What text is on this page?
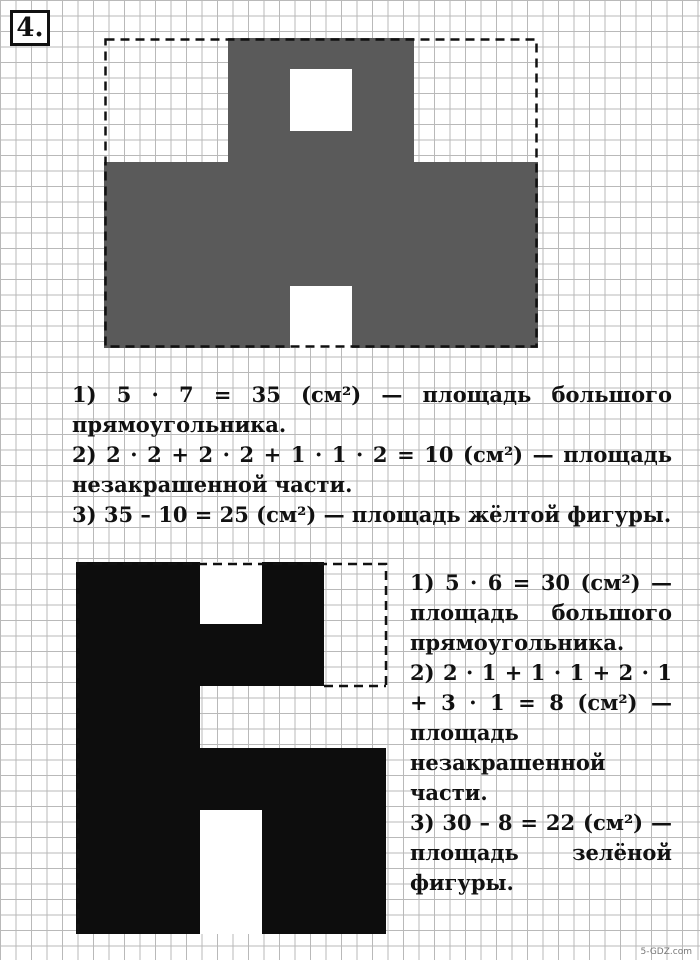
4.

1) 5 · 7 = 35 (см²) — площадь большого прямоугольника.

2) 2 · 2 + 2 · 2 + 1 · 1 · 2 = 10 (см²) — площадь незакрашенной части.

3) 35 – 10 = 25 (см²) — площадь жёлтой фигуры.

1) 5 · 6 = 30 (см²) — площадь большого прямоугольника.

2) 2 · 1 + 1 · 1 + 2 · 1 + 3 · 1 = 8 (см²) — площадь незакрашенной части.

3) 30 – 8 = 22 (см²) — площадь зелёной фигуры.

5-GDZ.com
